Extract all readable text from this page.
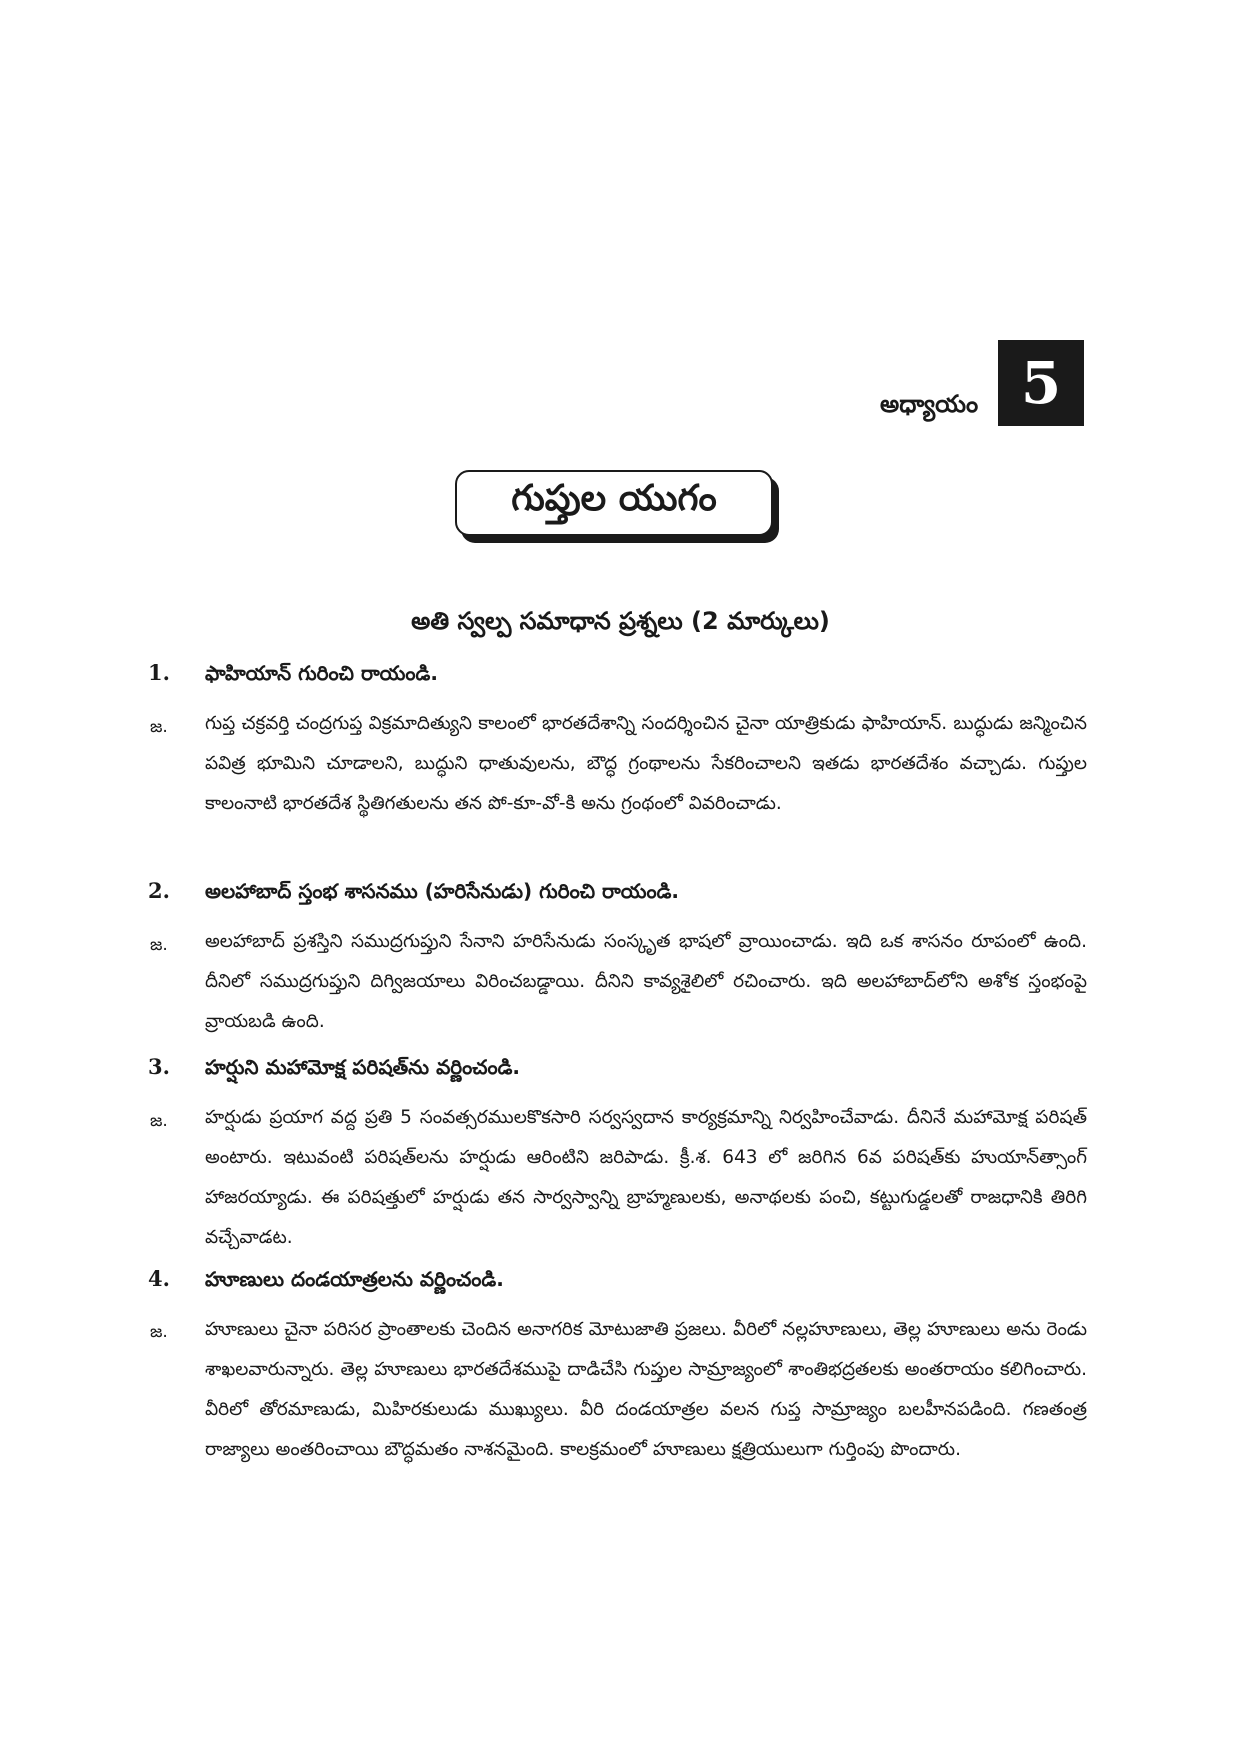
అధ్యాయం 5
గుప్తుల యుగం
అతి స్వల్ప సమాధాన ప్రశ్నలు (2 మార్కులు)
1. ఫాహియాన్ గురించి రాయండి.
జ. గుప్త చక్రవర్తి చంద్రగుప్త విక్రమాదిత్యుని కాలంలో భారతదేశాన్ని సందర్శించిన చైనా యాత్రికుడు ఫాహియాన్. బుద్ధుడు జన్మించిన పవిత్ర భూమిని చూడాలని, బుద్ధుని ధాతువులను, బౌద్ధ గ్రంథాలను సేకరించాలని ఇతడు భారతదేశం వచ్చాడు. గుప్తుల కాలంనాటి భారతదేశ స్థితిగతులను తన పో-కూ-వో-కి అను గ్రంథంలో వివరించాడు.
2. అలహాబాద్ స్తంభ శాసనము (హరిసేనుడు) గురించి రాయండి.
జ. అలహాబాద్ ప్రశస్తిని సముద్రగుప్తుని సేనాని హరిసేనుడు సంస్కృత భాషలో వ్రాయించాడు. ఇది ఒక శాసనం రూపంలో ఉంది. దీనిలో సముద్రగుప్తుని దిగ్విజయాలు విరించబడ్డాయి. దీనిని కావ్యశైలిలో రచించారు. ఇది అలహాబాద్‌లోని అశోక స్తంభంపై వ్రాయబడి ఉంది.
3. హర్షుని మహామోక్ష పరిషత్‌ను వర్ణించండి.
జ. హర్షుడు ప్రయాగ వద్ద ప్రతి 5 సంవత్సరములకొకసారి సర్వస్వదాన కార్యక్రమాన్ని నిర్వహించేవాడు. దీనినే మహామోక్ష పరిషత్ అంటారు. ఇటువంటి పరిషత్‌లను హర్షుడు ఆరింటిని జరిపాడు. క్రీ.శ. 643 లో జరిగిన 6వ పరిషత్‌కు హుయాన్‌త్సాంగ్ హాజరయ్యాడు. ఈ పరిషత్తులో హర్షుడు తన సార్వస్వాన్ని బ్రాహ్మణులకు, అనాథలకు పంచి, కట్టుగుడ్డలతో రాజధానికి తిరిగి వచ్చేవాడట.
4. హూణులు దండయాత్రలను వర్ణించండి.
జ. హూణులు చైనా పరిసర ప్రాంతాలకు చెందిన అనాగరిక మోటుజాతి ప్రజలు. వీరిలో నల్లహూణులు, తెల్ల హూణులు అను రెండు శాఖలవారున్నారు. తెల్ల హూణులు భారతదేశముపై దాడిచేసి గుప్తుల సామ్రాజ్యంలో శాంతిభద్రతలకు అంతరాయం కలిగించారు. వీరిలో తోరమాణుడు, మిహిరకులుడు ముఖ్యులు. వీరి దండయాత్రల వలన గుప్త సామ్రాజ్యం బలహీనపడింది. గణతంత్ర రాజ్యాలు అంతరించాయి బౌద్ధమతం నాశనమైంది. కాలక్రమంలో హూణులు క్షత్రియులుగా గుర్తింపు పొందారు.
